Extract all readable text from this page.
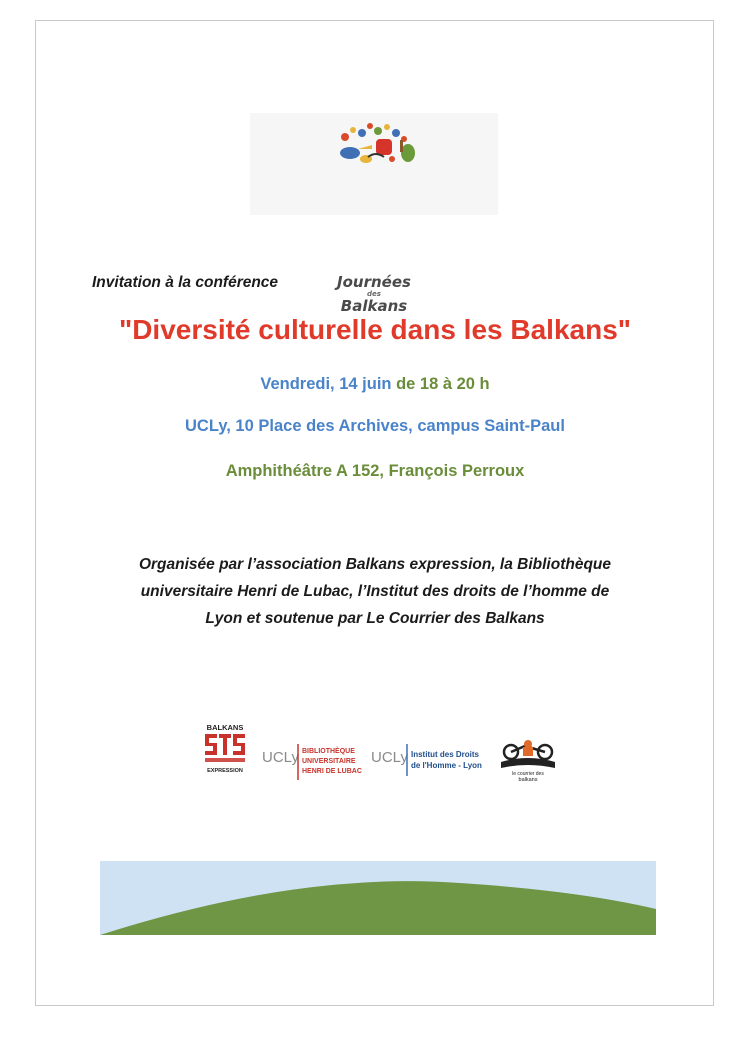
Journées
des
Balkans
Invitation à la conférence
"Diversité culturelle dans les Balkans"
Vendredi, 14 juin de 18 à 20 h
UCLy, 10 Place des Archives, campus Saint-Paul
Amphithéâtre A 152, François Perroux
Organisée par l’association Balkans expression, la Bibliothèque
universitaire Henri de Lubac, l’Institut des droits de l’homme de
Lyon et soutenue par Le Courrier des Balkans
BALKANS
EXPRESSION
UCLy BIBLIOTHÈQUE
UNIVERSITAIRE
HENRI DE LUBAC
UCLy Institut des Droits
de l'Homme - Lyon
le courrier des
balkans
